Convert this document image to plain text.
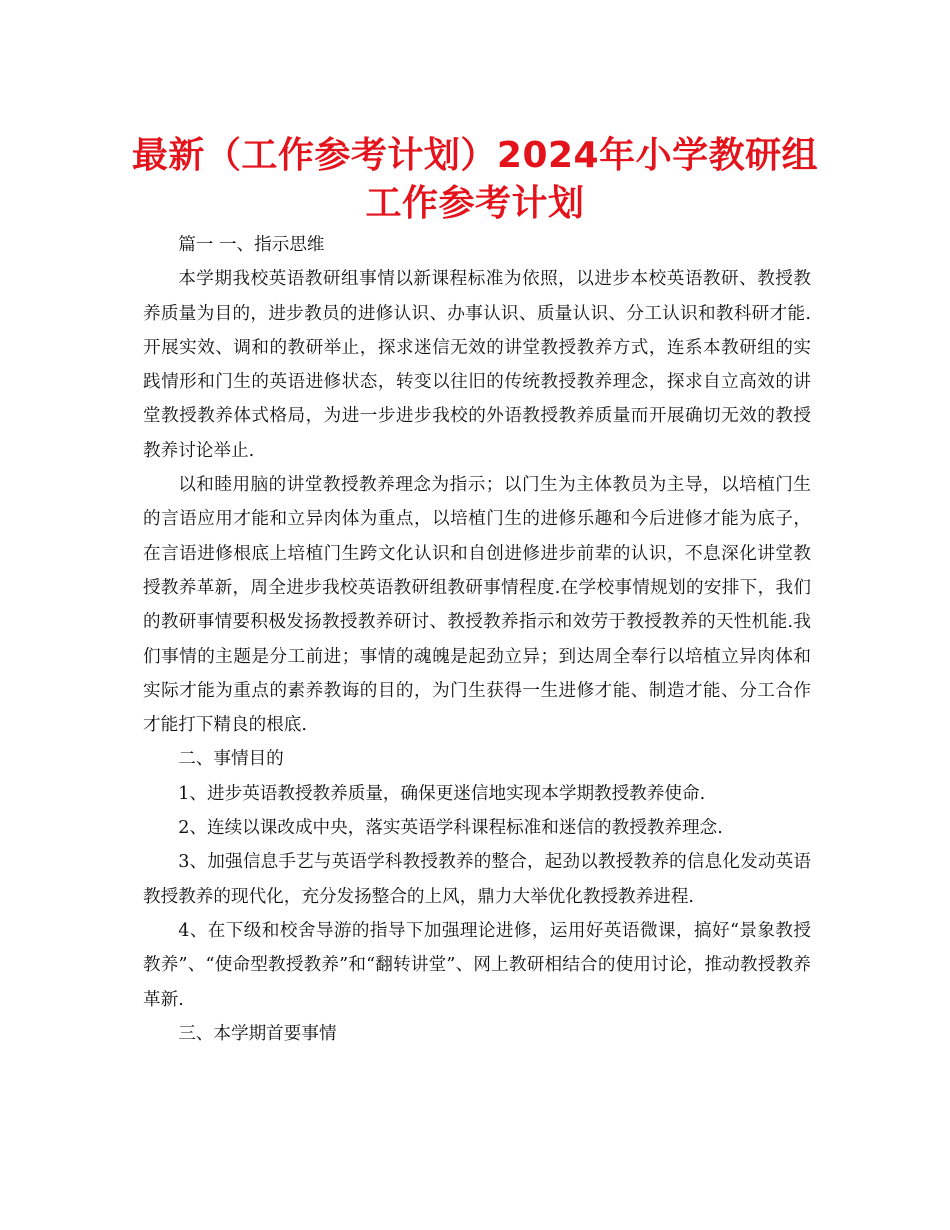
最新（工作参考计划）2024年小学教研组工作参考计划

篇一 一、指示思维

本学期我校英语教研组事情以新课程标准为依照，以进步本校英语教研、教授教养质量为目的，进步教员的进修认识、办事认识、质量认识、分工认识和教科研才能.开展实效、调和的教研举止，探求迷信无效的讲堂教授教养方式，连系本教研组的实践情形和门生的英语进修状态，转变以往旧的传统教授教养理念，探求自立高效的讲堂教授教养体式格局，为进一步进步我校的外语教授教养质量而开展确切无效的教授教养讨论举止.

以和睦用脑的讲堂教授教养理念为指示；以门生为主体教员为主导，以培植门生的言语应用才能和立异肉体为重点，以培植门生的进修乐趣和今后进修才能为底子，在言语进修根底上培植门生跨文化认识和自创进修进步前辈的认识，不息深化讲堂教授教养革新，周全进步我校英语教研组教研事情程度.在学校事情规划的安排下，我们的教研事情要积极发扬教授教养研讨、教授教养指示和效劳于教授教养的天性机能.我们事情的主题是分工前进；事情的魂魄是起劲立异；到达周全奉行以培植立异肉体和实际才能为重点的素养教诲的目的，为门生获得一生进修才能、制造才能、分工合作才能打下精良的根底.

二、事情目的

1、进步英语教授教养质量，确保更迷信地实现本学期教授教养使命.

2、连续以课改成中央，落实英语学科课程标准和迷信的教授教养理念.

3、加强信息手艺与英语学科教授教养的整合，起劲以教授教养的信息化发动英语教授教养的现代化，充分发扬整合的上风，鼎力大举优化教授教养进程.

4、在下级和校舍导游的指导下加强理论进修，运用好英语微课，搞好“景象教授教养”、“使命型教授教养”和“翻转讲堂”、网上教研相结合的使用讨论，推动教授教养革新.

三、本学期首要事情
